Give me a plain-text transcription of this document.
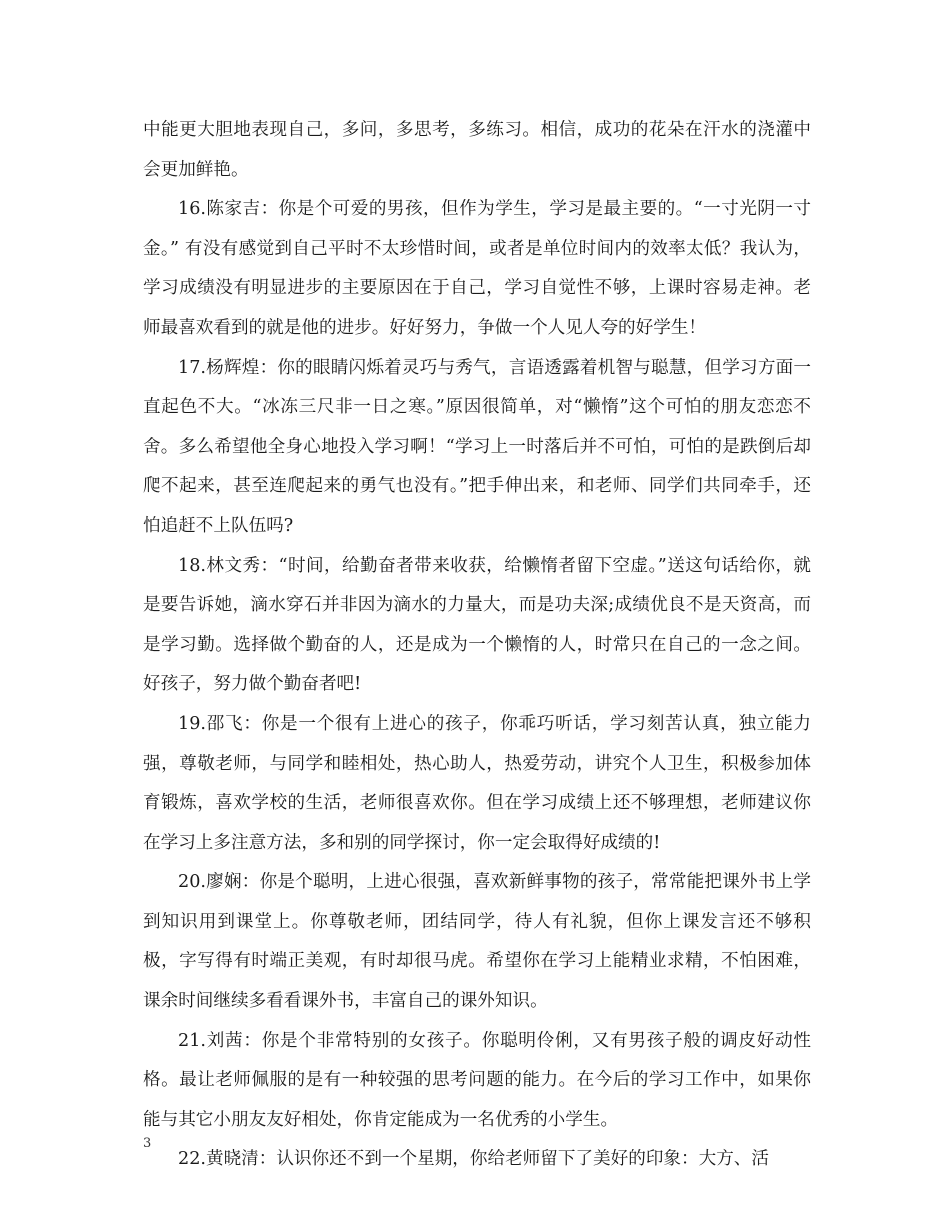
中能更大胆地表现自己，多问，多思考，多练习。相信，成功的花朵在汗水的浇灌中会更加鲜艳。

16.陈家吉：你是个可爱的男孩，但作为学生，学习是最主要的。“一寸光阴一寸金。” 有没有感觉到自己平时不太珍惜时间，或者是单位时间内的效率太低？我认为，学习成绩没有明显进步的主要原因在于自己，学习自觉性不够，上课时容易走神。老师最喜欢看到的就是他的进步。好好努力，争做一个人见人夸的好学生！

17.杨辉煌：你的眼睛闪烁着灵巧与秀气，言语透露着机智与聪慧，但学习方面一直起色不大。“冰冻三尺非一日之寒。”原因很简单，对“懒惰”这个可怕的朋友恋恋不舍。多么希望他全身心地投入学习啊！“学习上一时落后并不可怕，可怕的是跌倒后却爬不起来，甚至连爬起来的勇气也没有。”把手伸出来，和老师、同学们共同牵手，还怕追赶不上队伍吗?

18.林文秀：“时间，给勤奋者带来收获，给懒惰者留下空虚。”送这句话给你，就是要告诉她，滴水穿石并非因为滴水的力量大，而是功夫深;成绩优良不是天资高，而是学习勤。选择做个勤奋的人，还是成为一个懒惰的人，时常只在自己的一念之间。好孩子，努力做个勤奋者吧!

19.邵飞：你是一个很有上进心的孩子，你乖巧听话，学习刻苦认真，独立能力强，尊敬老师，与同学和睦相处，热心助人，热爱劳动，讲究个人卫生，积极参加体育锻炼，喜欢学校的生活，老师很喜欢你。但在学习成绩上还不够理想，老师建议你在学习上多注意方法，多和别的同学探讨，你一定会取得好成绩的!

20.廖娴：你是个聪明，上进心很强，喜欢新鲜事物的孩子，常常能把课外书上学到知识用到课堂上。你尊敬老师，团结同学，待人有礼貌，但你上课发言还不够积极，字写得有时端正美观，有时却很马虎。希望你在学习上能精业求精，不怕困难，课余时间继续多看看课外书，丰富自己的课外知识。

21.刘茜：你是个非常特别的女孩子。你聪明伶俐，又有男孩子般的调皮好动性格。最让老师佩服的是有一种较强的思考问题的能力。在今后的学习工作中，如果你能与其它小朋友友好相处，你肯定能成为一名优秀的小学生。

22.黄晓清：认识你还不到一个星期，你给老师留下了美好的印象：大方、活

3
